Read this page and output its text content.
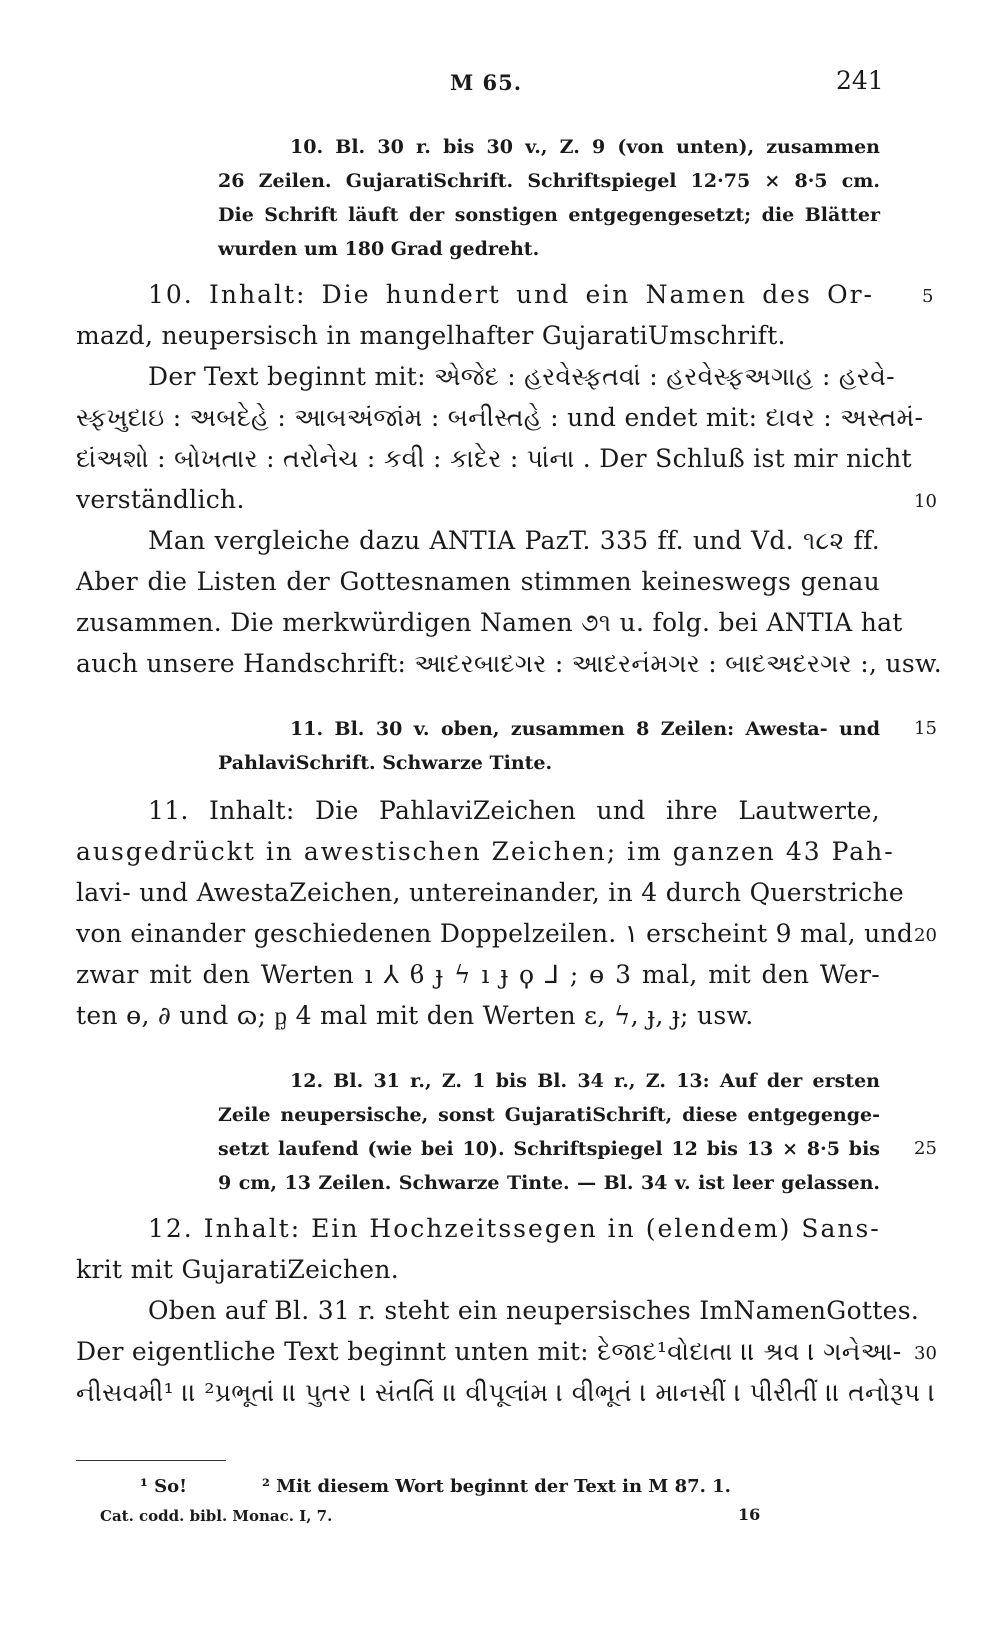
M 65.	241
10. Bl. 30 r. bis 30 v., Z. 9 (von unten), zusammen
26 Zeilen. GujaratiSchrift. Schriftspiegel 12·75 × 8·5 cm.
Die Schrift läuft der sonstigen entgegengesetzt; die Blätter
wurden um 180 Grad gedreht.
10. Inhalt: Die hundert und ein Namen des Or-
mazd, neupersisch in mangelhafter GujaratiUmschrift.
Der Text beginnt mit: એજેદ : હરવેસ્ફતવાં : હરવેસ્ફઅગાહ : હરવે-
સ્ફખુદાઇ : અબદેહે : આબઅંજાંમ : બનીસ્તહે : und endet mit: દાવર : અસ્તમં-
દાંઅશો : બોખતાર : તરોનેચ : કવી : કાદેર : પાંના . Der Schluß ist mir nicht
verständlich.
Man vergleiche dazu ANTIA PazT. 335 ff. und Vd. ૧૮૨ ff.
Aber die Listen der Gottesnamen stimmen keineswegs genau
zusammen. Die merkwürdigen Namen ૭૧ u. folg. bei ANTIA hat
auch unsere Handschrift: આદરબાદગર : આદરનંમગર : બાદઅદરગર :, usw.
11. Bl. 30 v. oben, zusammen 8 Zeilen: Awesta- und
PahlaviSchrift. Schwarze Tinte.
11. Inhalt: Die PahlaviZeichen und ihre Lautwerte,
ausgedrückt in awestischen Zeichen; im ganzen 43 Pah-
lavi- und AwestaZeichen, untereinander, in 4 durch Querstriche
von einander geschiedenen Doppelzeilen. ١ erscheint 9 mal, und
zwar mit den Werten ı ⅄ ϐ ɟ ϟ ı ɟ ϙ ⅃ ; ɵ 3 mal, mit den Wer-
ten ɵ, ∂ und ɷ; ᶈ 4 mal mit den Werten ɛ, ϟ, ɟ, ɟ; usw.
12. Bl. 31 r., Z. 1 bis Bl. 34 r., Z. 13: Auf der ersten
Zeile neupersische, sonst GujaratiSchrift, diese entgegenge-
setzt laufend (wie bei 10). Schriftspiegel 12 bis 13 × 8·5 bis
9 cm, 13 Zeilen. Schwarze Tinte. — Bl. 34 v. ist leer gelassen.
12. Inhalt: Ein Hochzeitssegen in (elendem) Sans-
krit mit GujaratiZeichen.
Oben auf Bl. 31 r. steht ein neupersisches ImNamenGottes.
Der eigentliche Text beginnt unten mit: દેજાદ¹વોદાતા ।। શ્રવ । ગનેઆ-
નીસવમી¹ ।। ²પ્રભૂતાં ।। પુતર । સંતતિં ।। વીપૂલાંમ । વીભૂતં । માનસીં । પીરીતીં ।। તનોરૂપ ।
5
10
15
20
25
30
¹ So!	² Mit diesem Wort beginnt der Text in M 87. 1.
Cat. codd. bibl. Monac. I, 7.	16
